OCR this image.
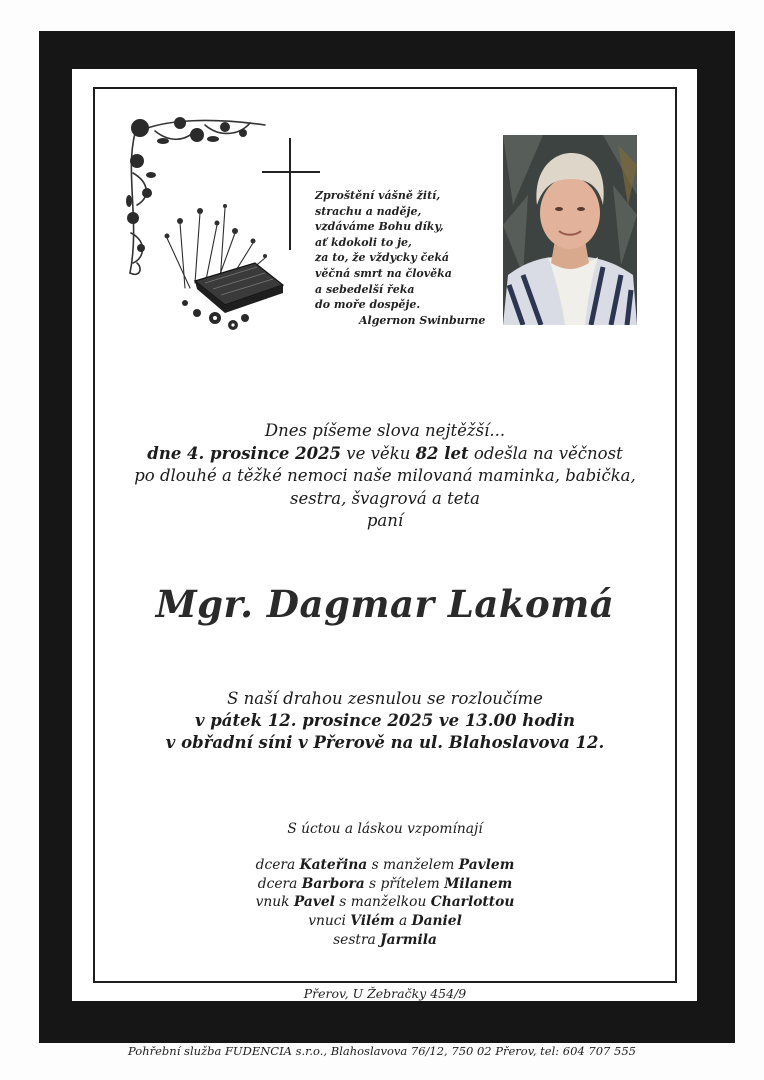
Zproštění vášně žití,
strachu a naděje,
vzdáváme Bohu díky,
ať kdokoli to je,
za to, že vždycky čeká
věčná smrt na člověka
a sebedelší řeka
do moře dospěje.
Algernon Swinburne
Dnes píšeme slova nejtěžší...
dne 4. prosince 2025 ve věku 82 let odešla na věčnost
po dlouhé a těžké nemoci naše milovaná maminka, babička,
sestra, švagrová a teta
paní
Mgr. Dagmar Lakomá
S naší drahou zesnulou se rozloučíme
v pátek 12. prosince 2025 ve 13.00 hodin
v obřadní síni v Přerově na ul. Blahoslavova 12.
S úctou a láskou vzpomínají
dcera Kateřina s manželem Pavlem
dcera Barbora s přítelem Milanem
vnuk Pavel s manželkou Charlottou
vnuci Vilém a Daniel
sestra Jarmila
Přerov, U Žebračky 454/9
Pohřební služba FUDENCIA s.r.o., Blahoslavova 76/12, 750 02 Přerov, tel: 604 707 555
